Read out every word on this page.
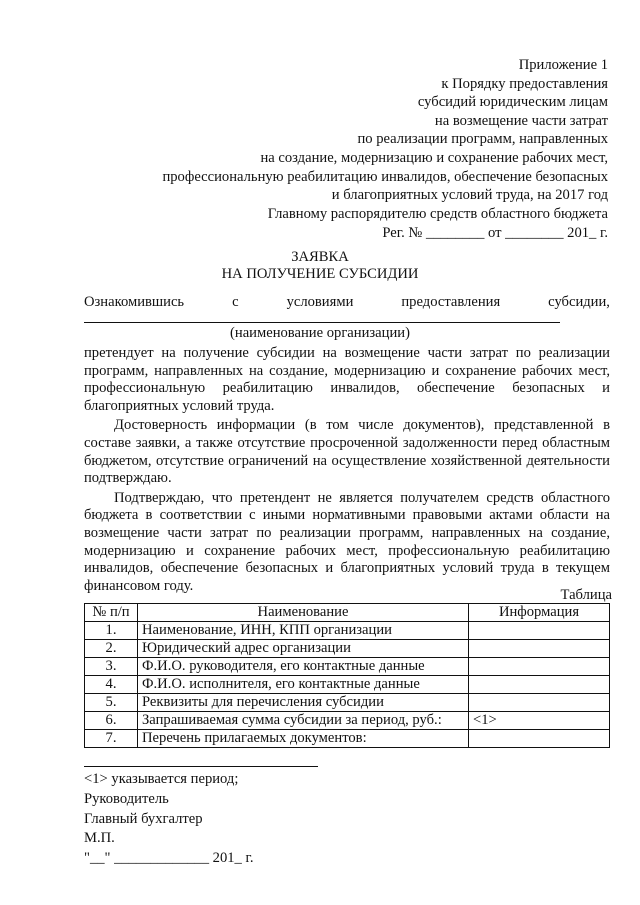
Приложение 1
к Порядку предоставления
субсидий юридическим лицам
на возмещение части затрат
по реализации программ, направленных
на создание, модернизацию и сохранение рабочих мест,
профессиональную реабилитацию инвалидов, обеспечение безопасных
и благоприятных условий труда, на 2017 год
Главному распорядителю средств областного бюджета
Рег. № ________ от ________ 201_ г.
ЗАЯВКА
НА ПОЛУЧЕНИЕ СУБСИДИИ
Ознакомившись	с	условиями	предоставления	субсидии,
(наименование организации)

претендует на получение субсидии на возмещение части затрат по реализации программ, направленных на создание, модернизацию и сохранение рабочих мест, профессиональную реабилитацию инвалидов, обеспечение безопасных и благоприятных условий труда.

Достоверность информации (в том числе документов), представленной в составе заявки, а также отсутствие просроченной задолженности перед областным бюджетом, отсутствие ограничений на осуществление хозяйственной деятельности подтверждаю.

Подтверждаю, что претендент не является получателем средств областного бюджета в соответствии с иными нормативными правовыми актами области на возмещение части затрат по реализации программ, направленных на создание, модернизацию и сохранение рабочих мест, профессиональную реабилитацию инвалидов, обеспечение безопасных и благоприятных условий труда в текущем финансовом году.

Таблица
№ п/п	Наименование	Информация
1.	Наименование, ИНН, КПП организации	
2.	Юридический адрес организации	
3.	Ф.И.О. руководителя, его контактные данные	
4.	Ф.И.О. исполнителя, его контактные данные	
5.	Реквизиты для перечисления субсидии	
6.	Запрашиваемая сумма субсидии за период, руб.:	<1>
7.	Перечень прилагаемых документов:	
<1> указывается период;
Руководитель
Главный бухгалтер
М.П.
"__" _____________ 201_ г.
